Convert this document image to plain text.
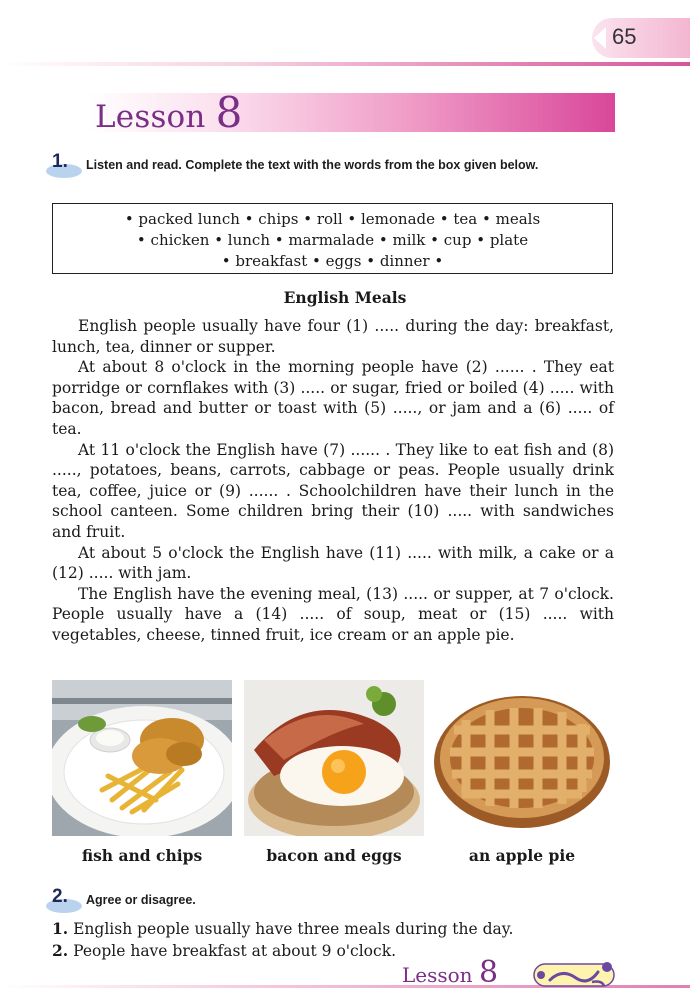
65
Lesson 8
1. Listen and read. Complete the text with the words from the box given below.
• packed lunch • chips • roll • lemonade • tea • meals
• chicken • lunch • marmalade • milk • cup • plate
• breakfast • eggs • dinner •
English Meals

English people usually have four (1) ..... during the day: breakfast, lunch, tea, dinner or supper.

At about 8 o'clock in the morning people have (2) ...... . They eat porridge or cornflakes with (3) ..... or sugar, fried or boiled (4) ..... with bacon, bread and butter or toast with (5) ....., or jam and a (6) ..... of tea.

At 11 o'clock the English have (7) ...... . They like to eat fish and (8) ....., potatoes, beans, carrots, cabbage or peas. People usually drink tea, coffee, juice or (9) ...... . Schoolchildren have their lunch in the school canteen. Some children bring their (10) ..... with sandwiches and fruit.

At about 5 o'clock the English have (11) ..... with milk, a cake or a (12) ..... with jam.

The English have the evening meal, (13) ..... or supper, at 7 o'clock. People usually have a (14) ..... of soup, meat or (15) ..... with vegetables, cheese, tinned fruit, ice cream or an apple pie.

fish and chips	bacon and eggs	an apple pie
2. Agree or disagree.
1. English people usually have three meals during the day.
2. People have breakfast at about 9 o'clock.
Lesson 8
